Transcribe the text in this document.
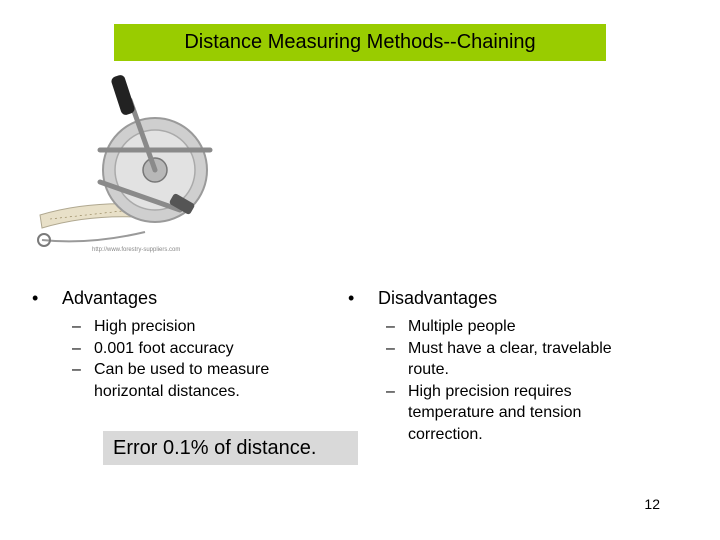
Distance Measuring Methods--Chaining
http://www.forestry-suppliers.com
•	Advantages
– High precision
– 0.001 foot accuracy
– Can be used to measure horizontal distances.
Error 0.1% of distance.
•	Disadvantages
– Multiple people
– Must have a clear, travelable route.
– High precision requires temperature and tension correction.
12
